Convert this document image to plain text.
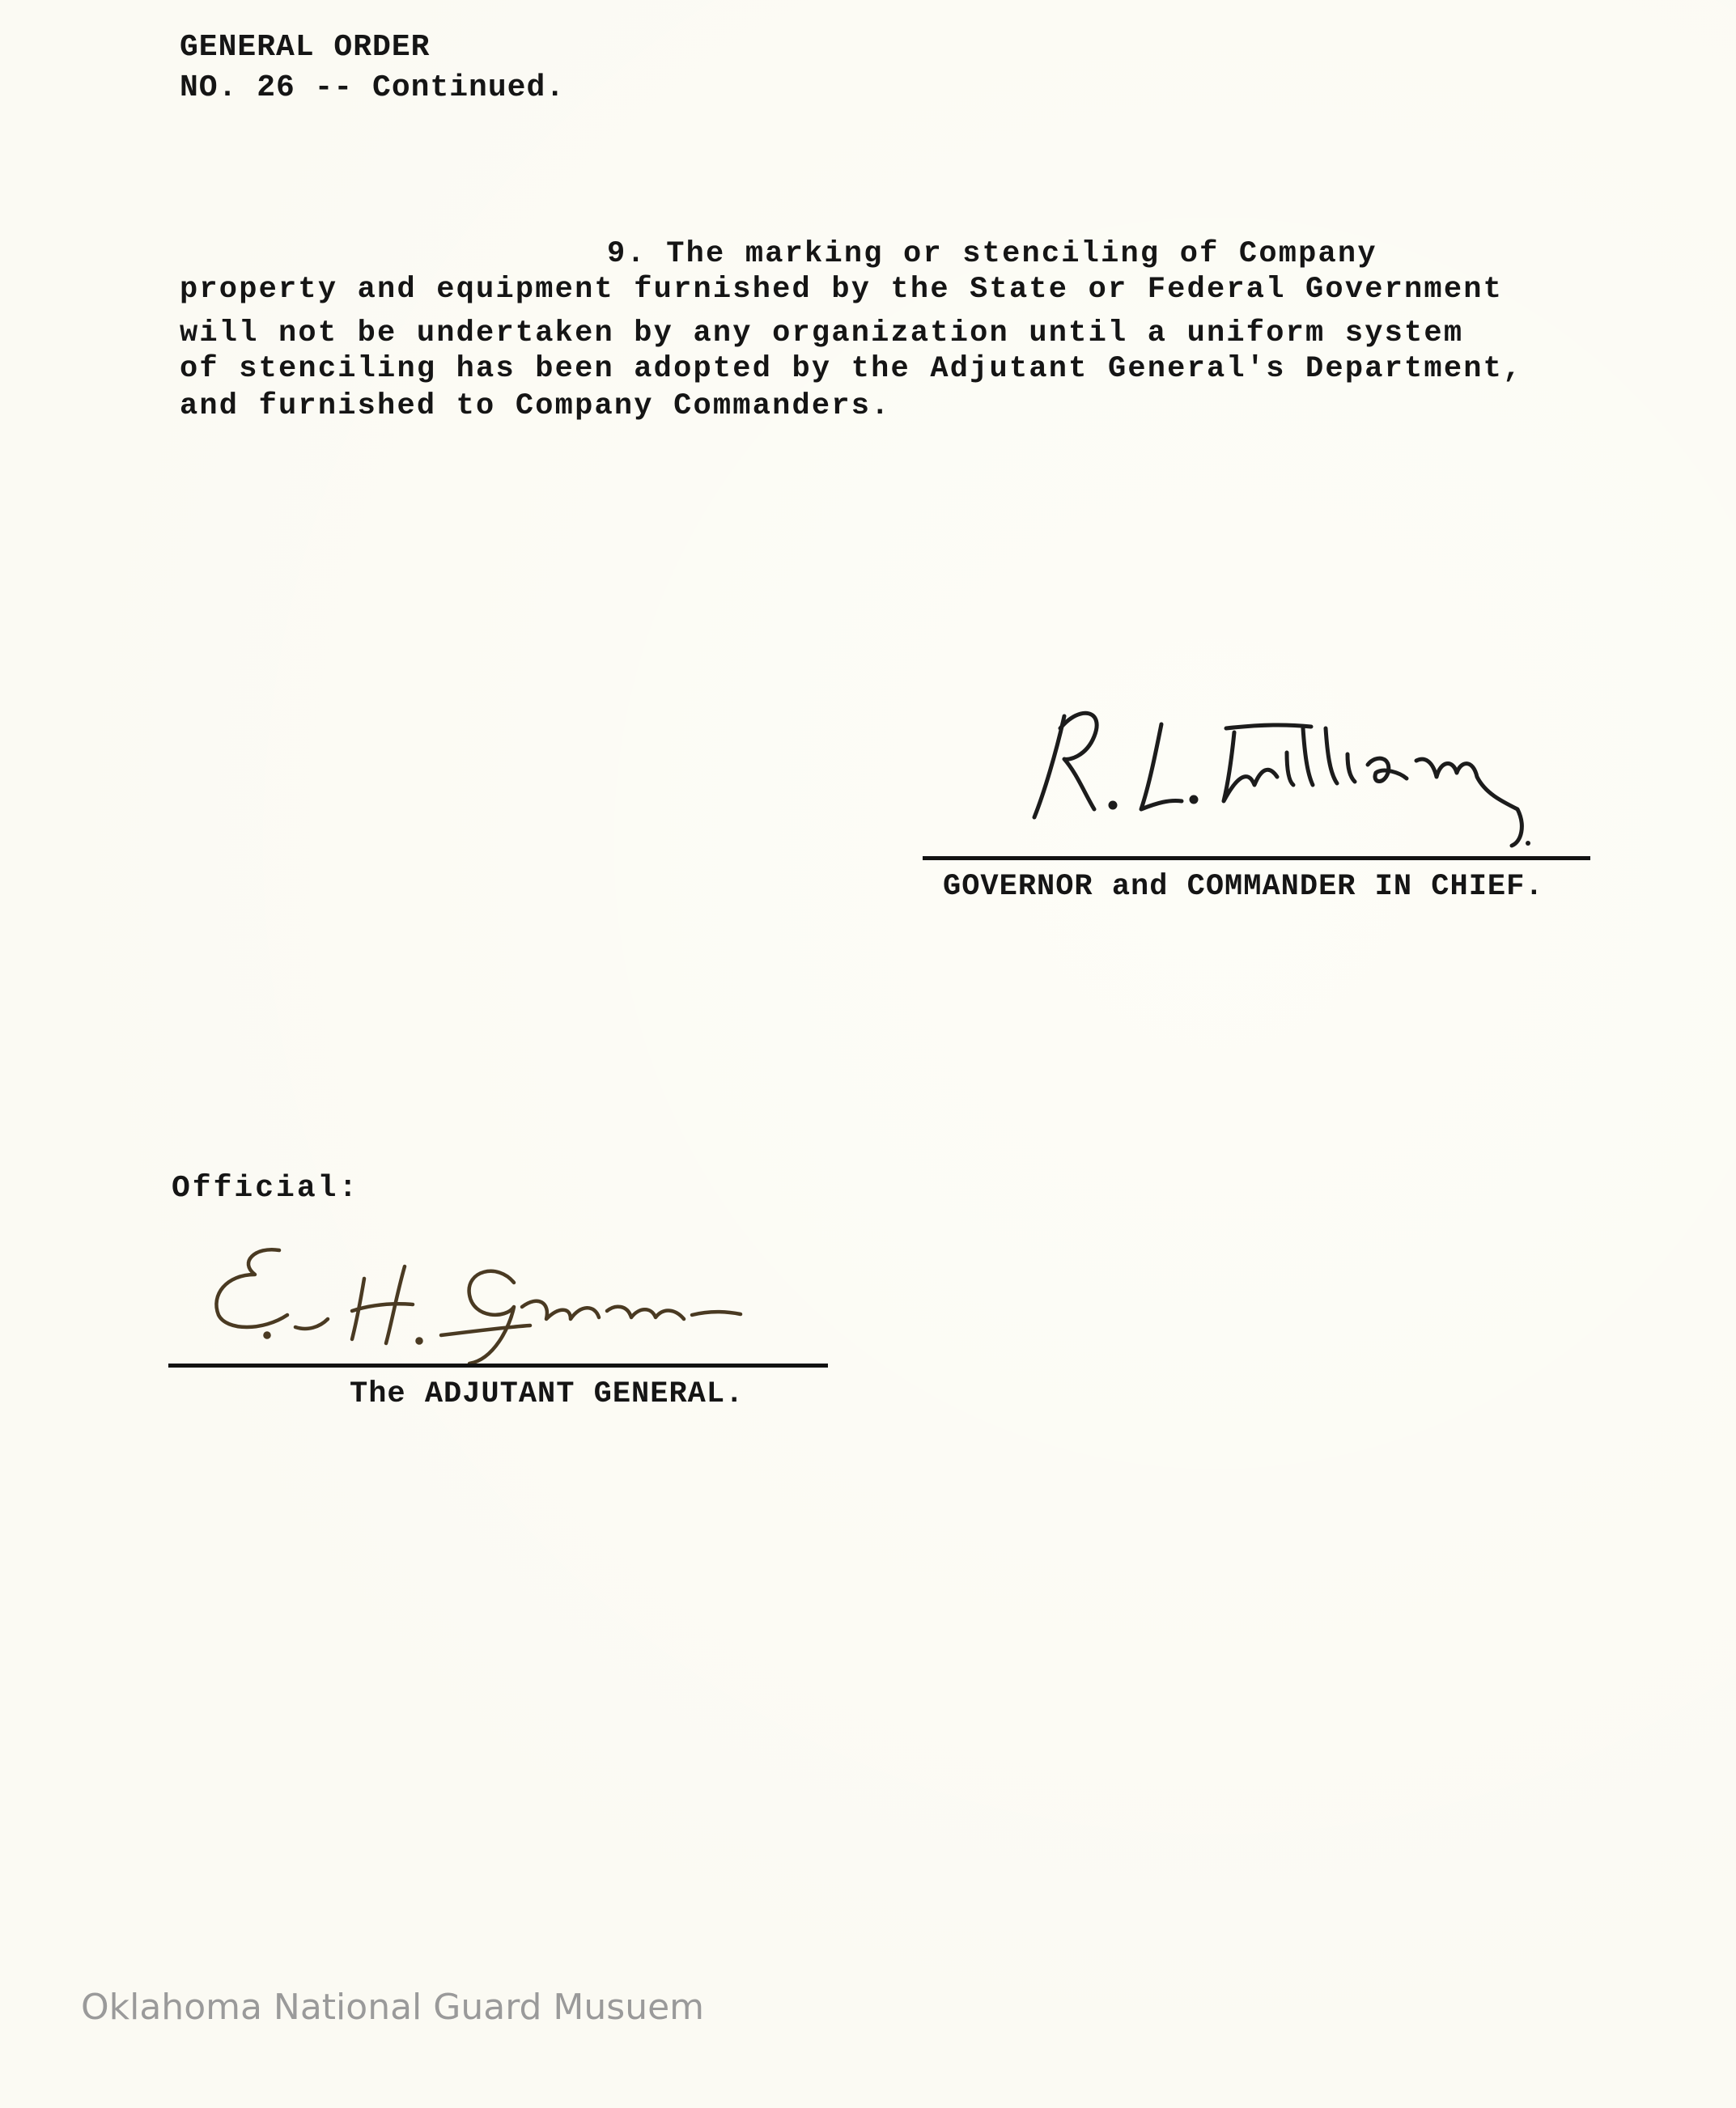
GENERAL ORDER
NO. 26 -- Continued.
9. The marking or stenciling of Company
property and equipment furnished by the State or Federal Government
will not be undertaken by any organization until a uniform system
of stenciling has been adopted by the Adjutant General's Department,
and furnished to Company Commanders.
GOVERNOR and COMMANDER IN CHIEF.
Official:
The ADJUTANT GENERAL.
Oklahoma National Guard Musuem
